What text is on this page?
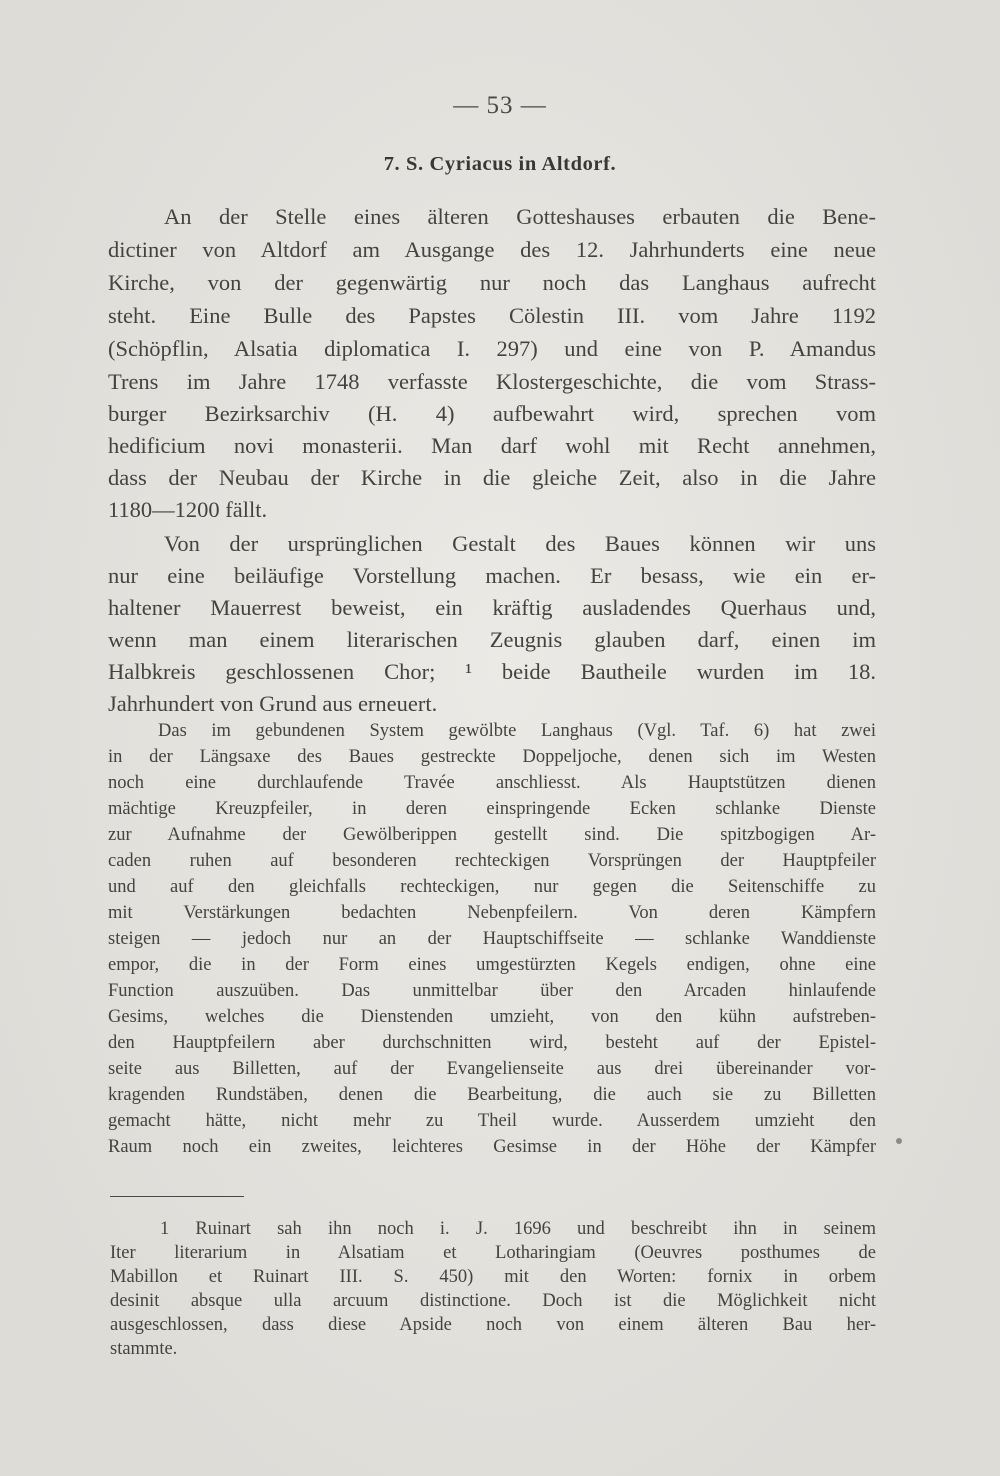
— 53 —
7. S. Cyriacus in Altdorf.
An der Stelle eines älteren Gotteshauses erbauten die Bene-
dictiner von Altdorf am Ausgange des 12. Jahrhunderts eine neue
Kirche, von der gegenwärtig nur noch das Langhaus aufrecht
steht. Eine Bulle des Papstes Cölestin III. vom Jahre 1192
(Schöpflin, Alsatia diplomatica I. 297) und eine von P. Amandus
Trens im Jahre 1748 verfasste Klostergeschichte, die vom Strass-
burger Bezirksarchiv (H. 4) aufbewahrt wird, sprechen vom
hedificium novi monasterii. Man darf wohl mit Recht annehmen,
dass der Neubau der Kirche in die gleiche Zeit, also in die Jahre
1180—1200 fällt.
Von der ursprünglichen Gestalt des Baues können wir uns
nur eine beiläufige Vorstellung machen. Er besass, wie ein er-
haltener Mauerrest beweist, ein kräftig ausladendes Querhaus und,
wenn man einem literarischen Zeugnis glauben darf, einen im
Halbkreis geschlossenen Chor; ¹ beide Bautheile wurden im 18.
Jahrhundert von Grund aus erneuert.
Das im gebundenen System gewölbte Langhaus (Vgl. Taf. 6) hat zwei
in der Längsaxe des Baues gestreckte Doppeljoche, denen sich im Westen
noch eine durchlaufende Travée anschliesst. Als Hauptstützen dienen
mächtige Kreuzpfeiler, in deren einspringende Ecken schlanke Dienste
zur Aufnahme der Gewölberippen gestellt sind. Die spitzbogigen Ar-
caden ruhen auf besonderen rechteckigen Vorsprüngen der Hauptpfeiler
und auf den gleichfalls rechteckigen, nur gegen die Seitenschiffe zu
mit Verstärkungen bedachten Nebenpfeilern. Von deren Kämpfern
steigen — jedoch nur an der Hauptschiffseite — schlanke Wanddienste
empor, die in der Form eines umgestürzten Kegels endigen, ohne eine
Function auszuüben. Das unmittelbar über den Arcaden hinlaufende
Gesims, welches die Dienstenden umzieht, von den kühn aufstreben-
den Hauptpfeilern aber durchschnitten wird, besteht auf der Epistel-
seite aus Billetten, auf der Evangelienseite aus drei übereinander vor-
kragenden Rundstäben, denen die Bearbeitung, die auch sie zu Billetten
gemacht hätte, nicht mehr zu Theil wurde. Ausserdem umzieht den
Raum noch ein zweites, leichteres Gesimse in der Höhe der Kämpfer
1 Ruinart sah ihn noch i. J. 1696 und beschreibt ihn in seinem
Iter literarium in Alsatiam et Lotharingiam (Oeuvres posthumes de
Mabillon et Ruinart III. S. 450) mit den Worten: fornix in orbem
desinit absque ulla arcuum distinctione. Doch ist die Möglichkeit nicht
ausgeschlossen, dass diese Apside noch von einem älteren Bau her-
stammte.
